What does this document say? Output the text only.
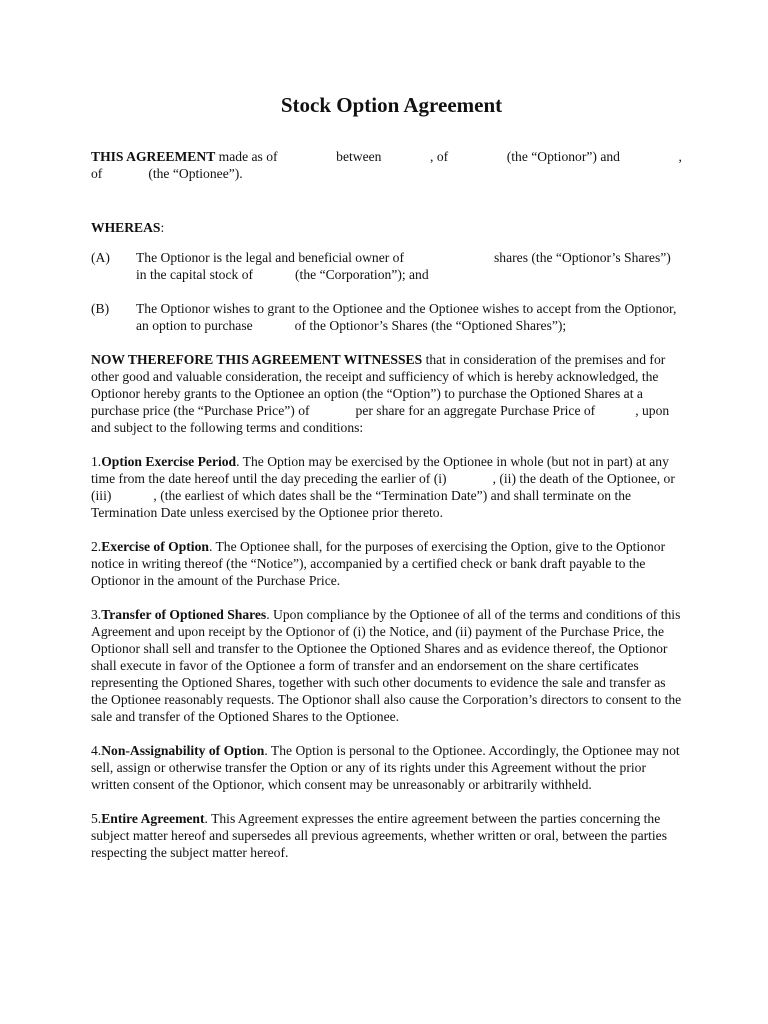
Stock Option Agreement
THIS AGREEMENT made as of	between	, of	(the “Optionor”) and	,
of	(the “Optionee”).

WHEREAS:

(A)	The Optionor is the legal and beneficial owner of	shares (the “Optionor’s Shares”) in the capital stock of	(the “Corporation”); and
(B)	The Optionor wishes to grant to the Optionee and the Optionee wishes to accept from the Optionor, an option to purchase	of the Optionor’s Shares (the “Optioned Shares”);

NOW THEREFORE THIS AGREEMENT WITNESSES that in consideration of the premises and for other good and valuable consideration, the receipt and sufficiency of which is hereby acknowledged, the Optionor hereby grants to the Optionee an option (the “Option”) to purchase the Optioned Shares at a purchase price (the “Purchase Price”) of	per share for an aggregate Purchase Price of	, upon and subject to the following terms and conditions:

1.Option Exercise Period. The Option may be exercised by the Optionee in whole (but not in part) at any time from the date hereof until the day preceding the earlier of (i)	, (ii) the death of the Optionee, or (iii)	, (the earliest of which dates shall be the “Termination Date”) and shall terminate on the Termination Date unless exercised by the Optionee prior thereto.

2.Exercise of Option. The Optionee shall, for the purposes of exercising the Option, give to the Optionor notice in writing thereof (the “Notice”), accompanied by a certified check or bank draft payable to the Optionor in the amount of the Purchase Price.

3.Transfer of Optioned Shares. Upon compliance by the Optionee of all of the terms and conditions of this Agreement and upon receipt by the Optionor of (i) the Notice, and (ii) payment of the Purchase Price, the Optionor shall sell and transfer to the Optionee the Optioned Shares and as evidence thereof, the Optionor shall execute in favor of the Optionee a form of transfer and an endorsement on the share certificates representing the Optioned Shares, together with such other documents to evidence the sale and transfer as the Optionee reasonably requests. The Optionor shall also cause the Corporation’s directors to consent to the sale and transfer of the Optioned Shares to the Optionee.

4.Non-Assignability of Option. The Option is personal to the Optionee. Accordingly, the Optionee may not sell, assign or otherwise transfer the Option or any of its rights under this Agreement without the prior written consent of the Optionor, which consent may be unreasonably or arbitrarily withheld.

5.Entire Agreement. This Agreement expresses the entire agreement between the parties concerning the subject matter hereof and supersedes all previous agreements, whether written or oral, between the parties respecting the subject matter hereof.
